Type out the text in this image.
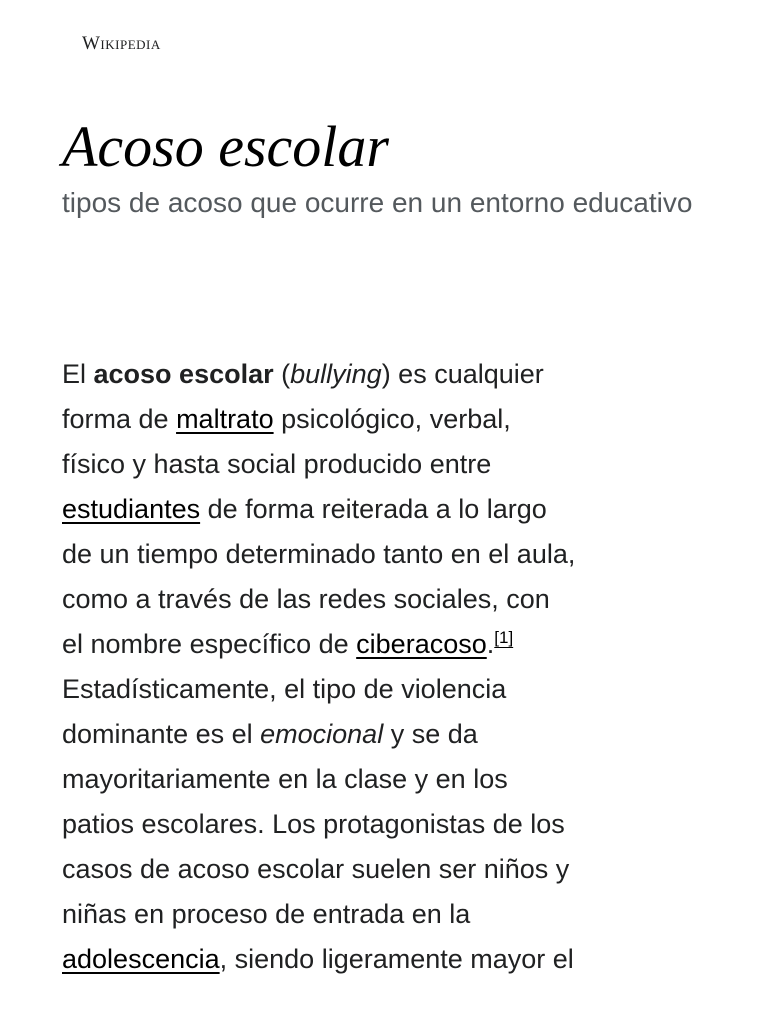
Wikipedia
Acoso escolar

tipos de acoso que ocurre en un entorno educativo

El acoso escolar (bullying) es cualquier
forma de maltrato psicológico, verbal,
físico y hasta social producido entre
estudiantes de forma reiterada a lo largo
de un tiempo determinado tanto en el aula,
como a través de las redes sociales, con
el nombre específico de ciberacoso.[1]
Estadísticamente, el tipo de violencia
dominante es el emocional y se da
mayoritariamente en la clase y en los
patios escolares. Los protagonistas de los
casos de acoso escolar suelen ser niños y
niñas en proceso de entrada en la
adolescencia, siendo ligeramente mayor el
